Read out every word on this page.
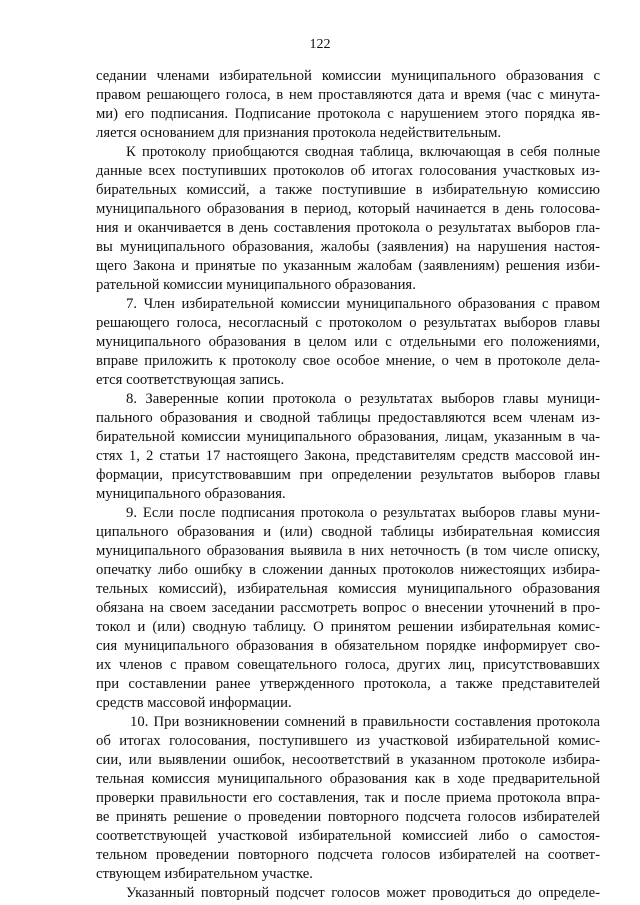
122
седании членами избирательной комиссии муниципального образования с
правом решающего голоса, в нем проставляются дата и время (час с минута-
ми) его подписания. Подписание протокола с нарушением этого порядка яв-
ляется основанием для признания протокола недействительным.
К протоколу приобщаются сводная таблица, включающая в себя полные
данные всех поступивших протоколов об итогах голосования участковых из-
бирательных комиссий, а также поступившие в избирательную комиссию
муниципального образования в период, который начинается в день голосова-
ния и оканчивается в день составления протокола о результатах выборов гла-
вы муниципального образования, жалобы (заявления) на нарушения настоя-
щего Закона и принятые по указанным жалобам (заявлениям) решения изби-
рательной комиссии муниципального образования.
7. Член избирательной комиссии муниципального образования с правом
решающего голоса, несогласный с протоколом о результатах выборов главы
муниципального образования в целом или с отдельными его положениями,
вправе приложить к протоколу свое особое мнение, о чем в протоколе дела-
ется соответствующая запись.
8. Заверенные копии протокола о результатах выборов главы муници-
пального образования и сводной таблицы предоставляются всем членам из-
бирательной комиссии муниципального образования, лицам, указанным в ча-
стях 1, 2 статьи 17 настоящего Закона, представителям средств массовой ин-
формации, присутствовавшим при определении результатов выборов главы
муниципального образования.
9. Если после подписания протокола о результатах выборов главы муни-
ципального образования и (или) сводной таблицы избирательная комиссия
муниципального образования выявила в них неточность (в том числе описку,
опечатку либо ошибку в сложении данных протоколов нижестоящих избира-
тельных комиссий), избирательная комиссия муниципального образования
обязана на своем заседании рассмотреть вопрос о внесении уточнений в про-
токол и (или) сводную таблицу. О принятом решении избирательная комис-
сия муниципального образования в обязательном порядке информирует сво-
их членов с правом совещательного голоса, других лиц, присутствовавших
при составлении ранее утвержденного протокола, а также представителей
средств массовой информации.
10. При возникновении сомнений в правильности составления протокола
об итогах голосования, поступившего из участковой избирательной комис-
сии, или выявлении ошибок, несоответствий в указанном протоколе избира-
тельная комиссия муниципального образования как в ходе предварительной
проверки правильности его составления, так и после приема протокола впра-
ве принять решение о проведении повторного подсчета голосов избирателей
соответствующей участковой избирательной комиссией либо о самостоя-
тельном проведении повторного подсчета голосов избирателей на соответ-
ствующем избирательном участке.
Указанный повторный подсчет голосов может проводиться до определе-
